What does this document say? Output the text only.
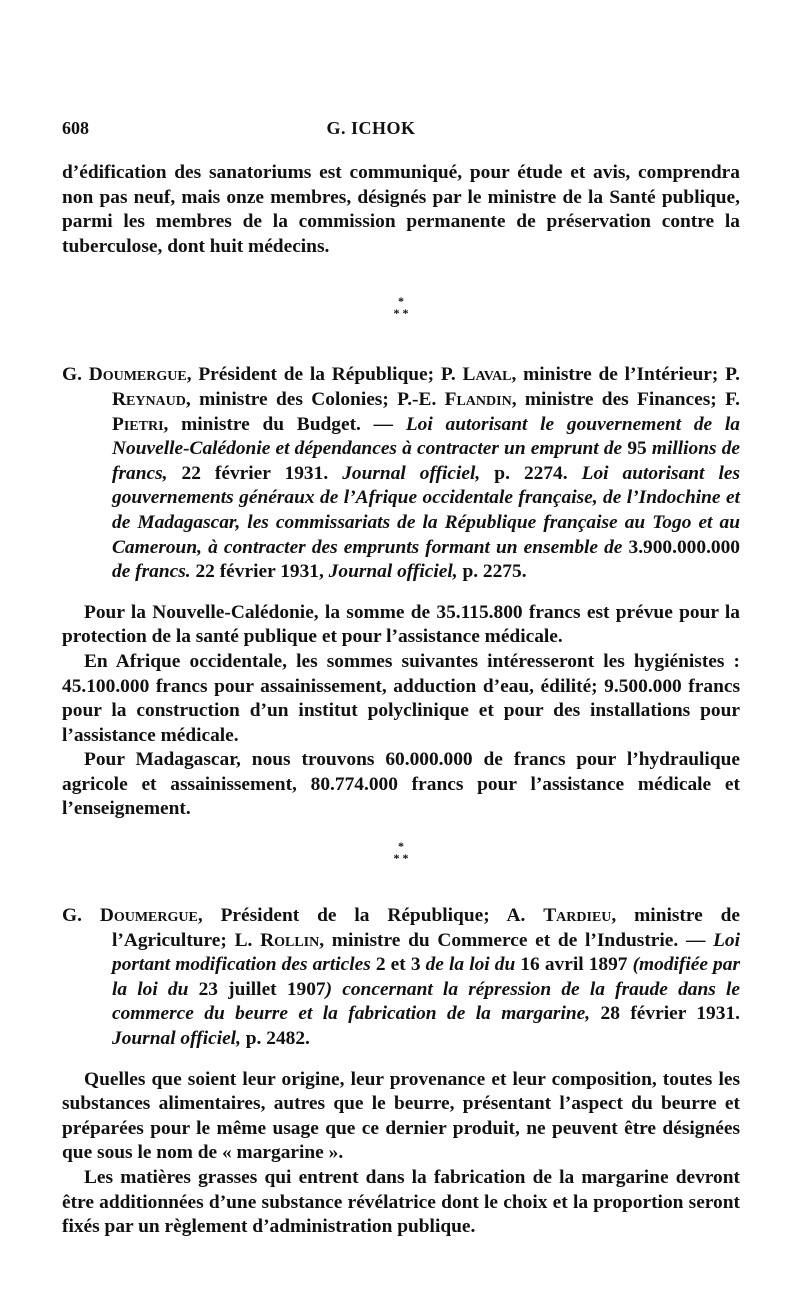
608	G. ICHOK

d’édification des sanatoriums est communiqué, pour étude et avis, comprendra non pas neuf, mais onze membres, désignés par le ministre de la Santé publique, parmi les membres de la commission permanente de préservation contre la tuberculose, dont huit médecins.

*
* *

G. Doumergue, Président de la République; P. Laval, ministre de l’Intérieur; P. Reynaud, ministre des Colonies; P.-E. Flandin, ministre des Finances; F. Pietri, ministre du Budget. — Loi autorisant le gouvernement de la Nouvelle-Calédonie et dépendances à contracter un emprunt de 95 millions de francs, 22 février 1931. Journal officiel, p. 2274. Loi autorisant les gouvernements généraux de l’Afrique occidentale française, de l’Indochine et de Madagascar, les commissariats de la République française au Togo et au Cameroun, à contracter des emprunts formant un ensemble de 3.900.000.000 de francs. 22 février 1931, Journal officiel, p. 2275.

Pour la Nouvelle-Calédonie, la somme de 35.115.800 francs est prévue pour la protection de la santé publique et pour l’assistance médicale.

En Afrique occidentale, les sommes suivantes intéresseront les hygiénistes : 45.100.000 francs pour assainissement, adduction d’eau, édilité; 9.500.000 francs pour la construction d’un institut polyclinique et pour des installations pour l’assistance médicale.

Pour Madagascar, nous trouvons 60.000.000 de francs pour l’hydraulique agricole et assainissement, 80.774.000 francs pour l’assistance médicale et l’enseignement.

*
* *

G. Doumergue, Président de la République; A. Tardieu, ministre de l’Agriculture; L. Rollin, ministre du Commerce et de l’Industrie. — Loi portant modification des articles 2 et 3 de la loi du 16 avril 1897 (modifiée par la loi du 23 juillet 1907) concernant la répression de la fraude dans le commerce du beurre et la fabrication de la margarine, 28 février 1931. Journal officiel, p. 2482.

Quelles que soient leur origine, leur provenance et leur composition, toutes les substances alimentaires, autres que le beurre, présentant l’aspect du beurre et préparées pour le même usage que ce dernier produit, ne peuvent être désignées que sous le nom de « margarine ».

Les matières grasses qui entrent dans la fabrication de la margarine devront être additionnées d’une substance révélatrice dont le choix et la proportion seront fixés par un règlement d’administration publique.
